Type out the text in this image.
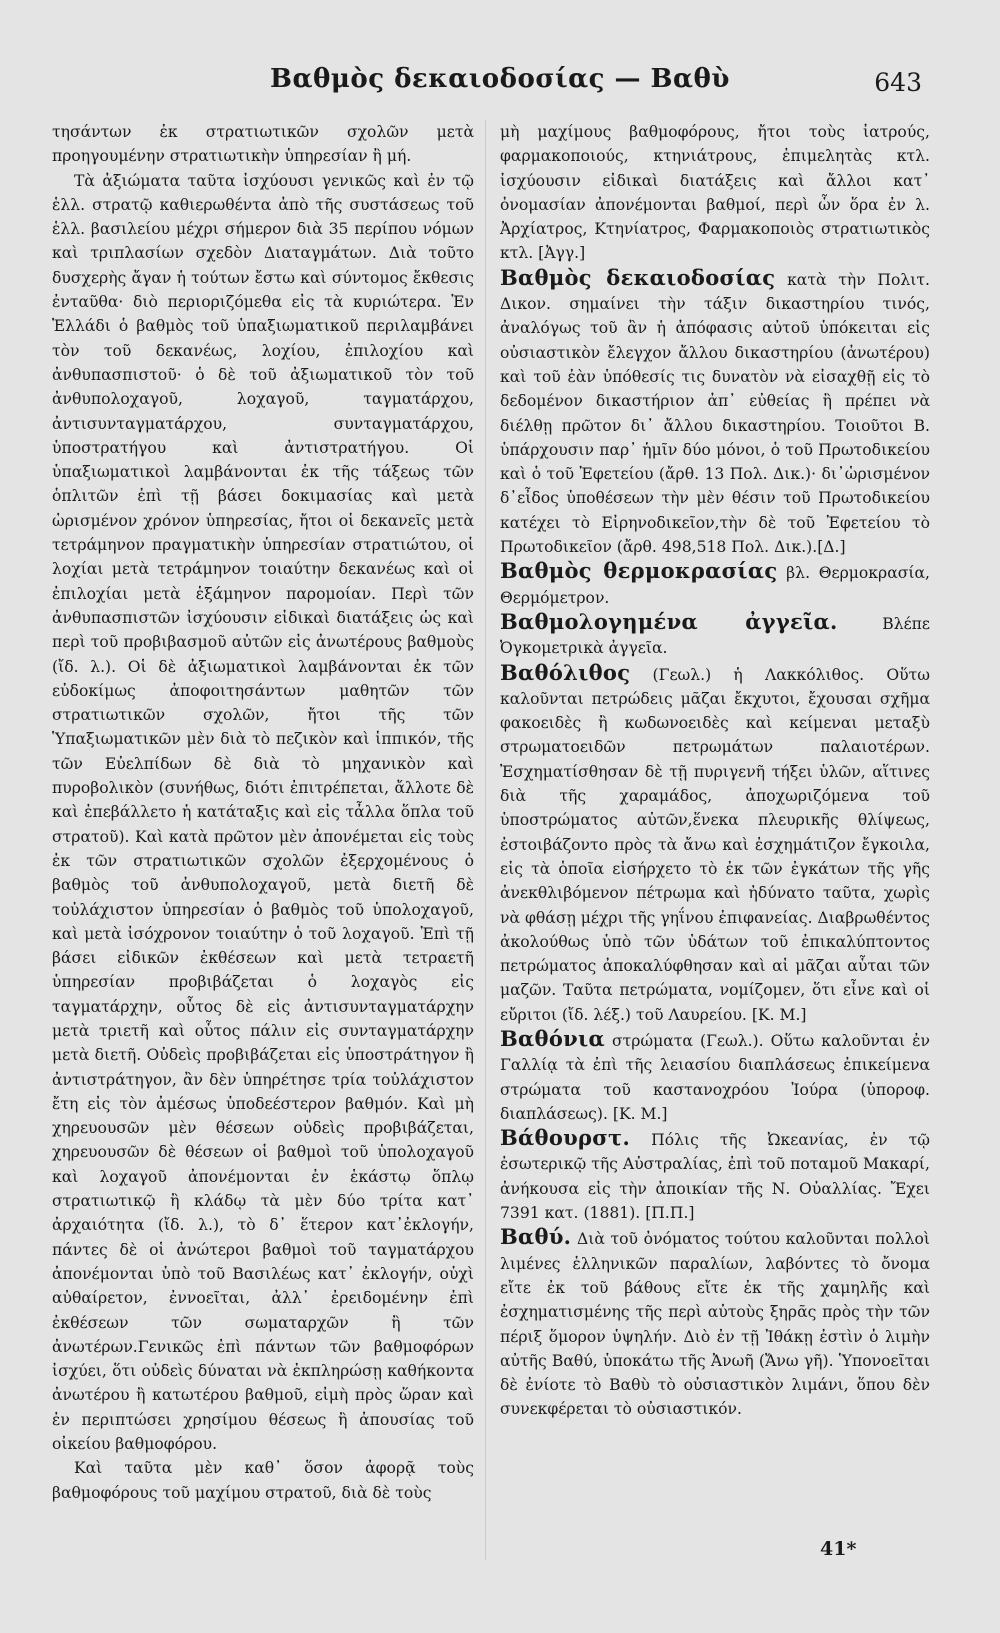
Βαθμὸς δεκαιοδοσίας — Βαθὺ	643

τησάντων ἐκ στρατιωτικῶν σχολῶν μετὰ προηγουμένην στρατιωτικὴν ὑπηρεσίαν ἢ μή.

Τὰ ἀξιώματα ταῦτα ἰσχύουσι γενικῶς καὶ ἐν τῷ ἑλλ. στρατῷ καθιερωθέντα ἀπὸ τῆς συστάσεως τοῦ ἑλλ. βασιλείου μέχρι σήμερον διὰ 35 περίπου νόμων καὶ τριπλασίων σχεδὸν Διαταγμάτων. Διὰ τοῦτο δυσχερὴς ἄγαν ἡ τούτων ἔστω καὶ σύντομος ἔκθεσις ἐνταῦθα· διὸ περιοριζόμεθα εἰς τὰ κυριώτερα. Ἐν Ἑλλάδι ὁ βαθμὸς τοῦ ὑπαξιωματικοῦ περιλαμβάνει τὸν τοῦ δεκανέως, λοχίου, ἐπιλοχίου καὶ ἀνθυπασπιστοῦ· ὁ δὲ τοῦ ἀξιωματικοῦ τὸν τοῦ ἀνθυπολοχαγοῦ, λοχαγοῦ, ταγματάρχου, ἀντισυνταγματάρχου, συνταγματάρχου, ὑποστρατήγου καὶ ἀντιστρατήγου. Οἱ ὑπαξιωματικοὶ λαμβάνονται ἐκ τῆς τάξεως τῶν ὁπλιτῶν ἐπὶ τῇ βάσει δοκιμασίας καὶ μετὰ ὡρισμένον χρόνον ὑπηρεσίας, ἤτοι οἱ δεκανεῖς μετὰ τετράμηνον πραγματικὴν ὑπηρεσίαν στρατιώτου, οἱ λοχίαι μετὰ τετράμηνον τοιαύτην δεκανέως καὶ οἱ ἐπιλοχίαι μετὰ ἑξάμηνον παρομοίαν. Περὶ τῶν ἀνθυπασπιστῶν ἰσχύουσιν εἰδικαὶ διατάξεις ὡς καὶ περὶ τοῦ προβιβασμοῦ αὐτῶν εἰς ἀνωτέρους βαθμοὺς (ἴδ. λ.). Οἱ δὲ ἀξιωματικοὶ λαμβάνονται ἐκ τῶν εὐδοκίμως ἀποφοιτησάντων μαθητῶν τῶν στρατιωτικῶν σχολῶν, ἤτοι τῆς τῶν Ὑπαξιωματικῶν μὲν διὰ τὸ πεζικὸν καὶ ἱππικόν, τῆς τῶν Εὐελπίδων δὲ διὰ τὸ μηχανικὸν καὶ πυροβολικὸν (συνήθως, διότι ἐπιτρέπεται, ἄλλοτε δὲ καὶ ἐπεβάλλετο ἡ κατάταξις καὶ εἰς τἆλλα ὅπλα τοῦ στρατοῦ). Καὶ κατὰ πρῶτον μὲν ἀπονέμεται εἰς τοὺς ἐκ τῶν στρατιωτικῶν σχολῶν ἐξερχομένους ὁ βαθμὸς τοῦ ἀνθυπολοχαγοῦ, μετὰ διετῆ δὲ τοὐλάχιστον ὑπηρεσίαν ὁ βαθμὸς τοῦ ὑπολοχαγοῦ, καὶ μετὰ ἰσόχρονον τοιαύτην ὁ τοῦ λοχαγοῦ. Ἐπὶ τῇ βάσει εἰδικῶν ἐκθέσεων καὶ μετὰ τετραετῆ ὑπηρεσίαν προβιβάζεται ὁ λοχαγὸς εἰς ταγματάρχην, οὗτος δὲ εἰς ἀντισυνταγματάρχην μετὰ τριετῆ καὶ οὗτος πάλιν εἰς συνταγματάρχην μετὰ διετῆ. Οὐδεὶς προβιβάζεται εἰς ὑποστράτηγον ἢ ἀντιστράτηγον, ἂν δὲν ὑπηρέτησε τρία τοὐλάχιστον ἔτη εἰς τὸν ἀμέσως ὑποδεέστερον βαθμόν. Καὶ μὴ χηρευουσῶν μὲν θέσεων οὐδεὶς προβιβάζεται, χηρευουσῶν δὲ θέσεων οἱ βαθμοὶ τοῦ ὑπολοχαγοῦ καὶ λοχαγοῦ ἀπονέμονται ἐν ἑκάστῳ ὅπλῳ στρατιωτικῷ ἢ κλάδῳ τὰ μὲν δύο τρίτα κατ᾽ ἀρχαιότητα (ἴδ. λ.), τὸ δ᾽ ἕτερον κατ᾽ἐκλογήν, πάντες δὲ οἱ ἀνώτεροι βαθμοὶ τοῦ ταγματάρχου ἀπονέμονται ὑπὸ τοῦ Βασιλέως κατ᾽ ἐκλογήν, οὐχὶ αὐθαίρετον, ἐννοεῖται, ἀλλ᾽ ἐρειδομένην ἐπὶ ἐκθέσεων τῶν σωματαρχῶν ἢ τῶν ἀνωτέρων.Γενικῶς ἐπὶ πάντων τῶν βαθμοφόρων ἰσχύει, ὅτι οὐδεὶς δύναται νὰ ἐκπληρώσῃ καθήκοντα ἀνωτέρου ἢ κατωτέρου βαθμοῦ, εἰμὴ πρὸς ὥραν καὶ ἐν περιπτώσει χρησίμου θέσεως ἢ ἀπουσίας τοῦ οἰκείου βαθμοφόρου.

Καὶ ταῦτα μὲν καθ᾽ ὅσον ἀφορᾷ τοὺς βαθμοφόρους τοῦ μαχίμου στρατοῦ, διὰ δὲ τοὺς

μὴ μαχίμους βαθμοφόρους, ἤτοι τοὺς ἰατρούς, φαρμακοποιούς, κτηνιάτρους, ἐπιμελητὰς κτλ. ἰσχύουσιν εἰδικαὶ διατάξεις καὶ ἄλλοι κατ᾽ ὀνομασίαν ἀπονέμονται βαθμοί, περὶ ὧν ὅρα ἐν λ. Ἀρχίατρος, Κτηνίατρος, Φαρμακοποιὸς στρατιωτικὸς κτλ. [Ἀγγ.]

Βαθμὸς δεκαιοδοσίας κατὰ τὴν Πολιτ. Δικον. σημαίνει τὴν τάξιν δικαστηρίου τινός, ἀναλόγως τοῦ ἂν ἡ ἀπόφασις αὐτοῦ ὑπόκειται εἰς οὐσιαστικὸν ἔλεγχον ἄλλου δικαστηρίου (ἀνωτέρου) καὶ τοῦ ἐὰν ὑπόθεσίς τις δυνατὸν νὰ εἰσαχθῇ εἰς τὸ δεδομένον δικαστήριον ἀπ᾽ εὐθείας ἢ πρέπει νὰ διέλθῃ πρῶτον δι᾽ ἄλλου δικαστηρίου. Τοιοῦτοι Β. ὑπάρχουσιν παρ᾽ ἡμῖν δύο μόνοι, ὁ τοῦ Πρωτοδικείου καὶ ὁ τοῦ Ἐφετείου (ἄρθ. 13 Πολ. Δικ.)· δι᾽ὡρισμένον δ᾽εἶδος ὑποθέσεων τὴν μὲν θέσιν τοῦ Πρωτοδικείου κατέχει τὸ Εἰρηνοδικεῖον,τὴν δὲ τοῦ Ἐφετείου τὸ Πρωτοδικεῖον (ἄρθ. 498,518 Πολ. Δικ.).[Δ.]

Βαθμὸς θερμοκρασίας βλ. Θερμοκρασία, Θερμόμετρον.

Βαθμολογημένα ἀγγεῖα. Βλέπε Ὀγκομετρικὰ ἀγγεῖα.

Βαθόλιθος (Γεωλ.) ἡ Λακκόλιθος. Οὕτω καλοῦνται πετρώδεις μᾶζαι ἔκχυτοι, ἔχουσαι σχῆμα φακοειδὲς ἢ κωδωνοειδὲς καὶ κείμεναι μεταξὺ στρωματοειδῶν πετρωμάτων παλαιοτέρων. Ἐσχηματίσθησαν δὲ τῇ πυριγενῆ τήξει ὑλῶν, αἵτινες διὰ τῆς χαραμάδος, ἀποχωριζόμενα τοῦ ὑποστρώματος αὐτῶν,ἕνεκα πλευρικῆς θλίψεως, ἐστοιβάζοντο πρὸς τὰ ἄνω καὶ ἐσχημάτιζον ἔγκοιλα, εἰς τὰ ὁποῖα εἰσήρχετο τὸ ἐκ τῶν ἐγκάτων τῆς γῆς ἀνεκθλιβόμενον πέτρωμα καὶ ἠδύνατο ταῦτα, χωρὶς νὰ φθάσῃ μέχρι τῆς γηΐνου ἐπιφανείας. Διαβρωθέντος ἀκολούθως ὑπὸ τῶν ὑδάτων τοῦ ἐπικαλύπτοντος πετρώματος ἀποκαλύφθησαν καὶ αἱ μᾶζαι αὗται τῶν μαζῶν. Ταῦτα πετρώματα, νομίζομεν, ὅτι εἶνε καὶ οἱ εὔριτοι (ἴδ. λέξ.) τοῦ Λαυρείου. [Κ. Μ.]

Βαθόνια στρώματα (Γεωλ.). Οὕτω καλοῦνται ἐν Γαλλίᾳ τὰ ἐπὶ τῆς λειασίου διαπλάσεως ἐπικείμενα στρώματα τοῦ καστανοχρόου Ἰούρα (ὑποροφ. διαπλάσεως). [Κ. Μ.]

Βάθουρστ. Πόλις τῆς Ὠκεανίας, ἐν τῷ ἐσωτερικῷ τῆς Αὐστραλίας, ἐπὶ τοῦ ποταμοῦ Μακαρί, ἀνήκουσα εἰς τὴν ἀποικίαν τῆς Ν. Οὐαλλίας. Ἔχει 7391 κατ. (1881). [Π.Π.]

Βαθύ. Διὰ τοῦ ὀνόματος τούτου καλοῦνται πολλοὶ λιμένες ἑλληνικῶν παραλίων, λαβόντες τὸ ὄνομα εἴτε ἐκ τοῦ βάθους εἴτε ἐκ τῆς χαμηλῆς καὶ ἐσχηματισμένης τῆς περὶ αὐτοὺς ξηρᾶς πρὸς τὴν τῶν πέριξ ὅμορον ὑψηλήν. Διὸ ἐν τῇ Ἰθάκῃ ἐστὶν ὁ λιμὴν αὐτῆς Βαθύ, ὑποκάτω τῆς Ἀνωῆ (Ἄνω γῆ). Ὑπονοεῖται δὲ ἐνίοτε τὸ Βαθὺ τὸ οὐσιαστικὸν λιμάνι, ὅπου δὲν συνεκφέρεται τὸ οὐσιαστικόν.

41*
